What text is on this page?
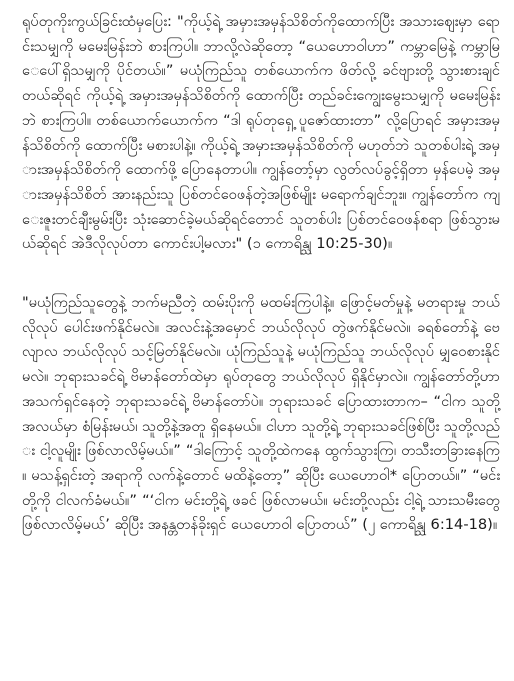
ရုပ်တုကိုးကွယ်ခြင်းထံမှပြေး: "ကိုယ့်ရဲ့ အမှားအမှန်သိစိတ်ကိုထောက်ပြီး အသားဈေးမှာ ရောင်းသမျှကို မမေးမြန်းဘဲ စားကြပါ။ ဘာလို့လဲဆိုတော့ “ယေဟောဝါဟာ” ကမ္ဘာမြေနဲ့ ကမ္ဘာမြေပေါ်ရှိသမျှကို ပိုင်တယ်။” မယုံကြည်သူ တစ်ယောက်က ဖိတ်လို့ ခင်ဗျားတို့ သွားစားချင်တယ်ဆိုရင် ကိုယ့်ရဲ့ အမှားအမှန်သိစိတ်ကို ထောက်ပြီး တည်ခင်းကျွေးမွေးသမျှကို မမေးမြန်းဘဲ စားကြပါ။ တစ်ယောက်ယောက်က “ဒါ ရုပ်တုရှေ့ ပူဇော်ထားတာ” လို့ပြောရင် အမှားအမှန်သိစိတ်ကို ထောက်ပြီး မစားပါနဲ့။ ကိုယ့်ရဲ့ အမှားအမှန်သိစိတ်ကို မဟုတ်ဘဲ သူတစ်ပါးရဲ့ အမှားအမှန်သိစိတ်ကို ထောက်ဖို့ ပြောနေတာပါ။ ကျွန်တော့်မှာ လွတ်လပ်ခွင့်ရှိတာ မှန်ပေမဲ့ အမှားအမှန်သိစိတ် အားနည်းသူ ပြစ်တင်ဝေဖန်တဲ့အဖြစ်မျိုး မရောက်ချင်ဘူး။ ကျွန်တော်က ကျေးဇူးတင်ချီးမွမ်းပြီး သုံးဆောင်ခဲ့မယ်ဆိုရင်တောင် သူတစ်ပါး ပြစ်တင်ဝေဖန်စရာ ဖြစ်သွားမယ်ဆိုရင် အဲဒီလိုလုပ်တာ ကောင်းပါ့မလား" (၁ ကောရိန္သု 10:25-30)။

"မယုံကြည်သူတွေနဲ့ ဘက်မညီတဲ့ ထမ်းပိုးကို မထမ်းကြပါနဲ့။ ဖြောင့်မတ်မှုနဲ့ မတရားမှု ဘယ်လိုလုပ် ပေါင်းဖက်နိုင်မလဲ။ အလင်းနဲ့အမှောင် ဘယ်လိုလုပ် တွဲဖက်နိုင်မလဲ။ ခရစ်တော်နဲ့ ဗေလျာလ ဘယ်လိုလုပ် သင့်မြတ်နိုင်မလဲ။ ယုံကြည်သူနဲ့ မယုံကြည်သူ ဘယ်လိုလုပ် မျှဝေစားနိုင်မလဲ။ ဘုရားသခင်ရဲ့ ဗိမာန်တော်ထဲမှာ ရုပ်တုတွေ ဘယ်လိုလုပ် ရှိနိုင်မှာလဲ။ ကျွန်တော်တို့ဟာ အသက်ရှင်နေတဲ့ ဘုရားသခင်ရဲ့ ဗိမာန်တော်ပဲ။ ဘုရားသခင် ပြောထားတာက– “ငါက သူတို့အလယ်မှာ စံမြန်းမယ်၊ သူတို့နဲ့အတူ ရှိနေမယ်။ ငါဟာ သူတို့ရဲ့ ဘုရားသခင်ဖြစ်ပြီး သူတို့လည်း ငါ့လူမျိုး ဖြစ်လာလိမ့်မယ်။” “ဒါကြောင့် သူတို့ထဲကနေ ထွက်သွားကြ၊ တသီးတခြားနေကြ။ မသန့်ရှင်းတဲ့ အရာကို လက်နဲ့တောင် မထိနဲ့တော့” ဆိုပြီး ယေဟောဝါ* ပြောတယ်။” “မင်းတို့ကို ငါလက်ခံမယ်။” “‘ငါက မင်းတို့ရဲ့ ဖခင် ဖြစ်လာမယ်။ မင်းတို့လည်း ငါ့ရဲ့ သားသမီးတွေ ဖြစ်လာလိမ့်မယ်’ ဆိုပြီး အနန္တတန်ခိုးရှင် ယေဟောဝါ ပြောတယ်” (၂ ကောရိန္သု 6:14-18)။
